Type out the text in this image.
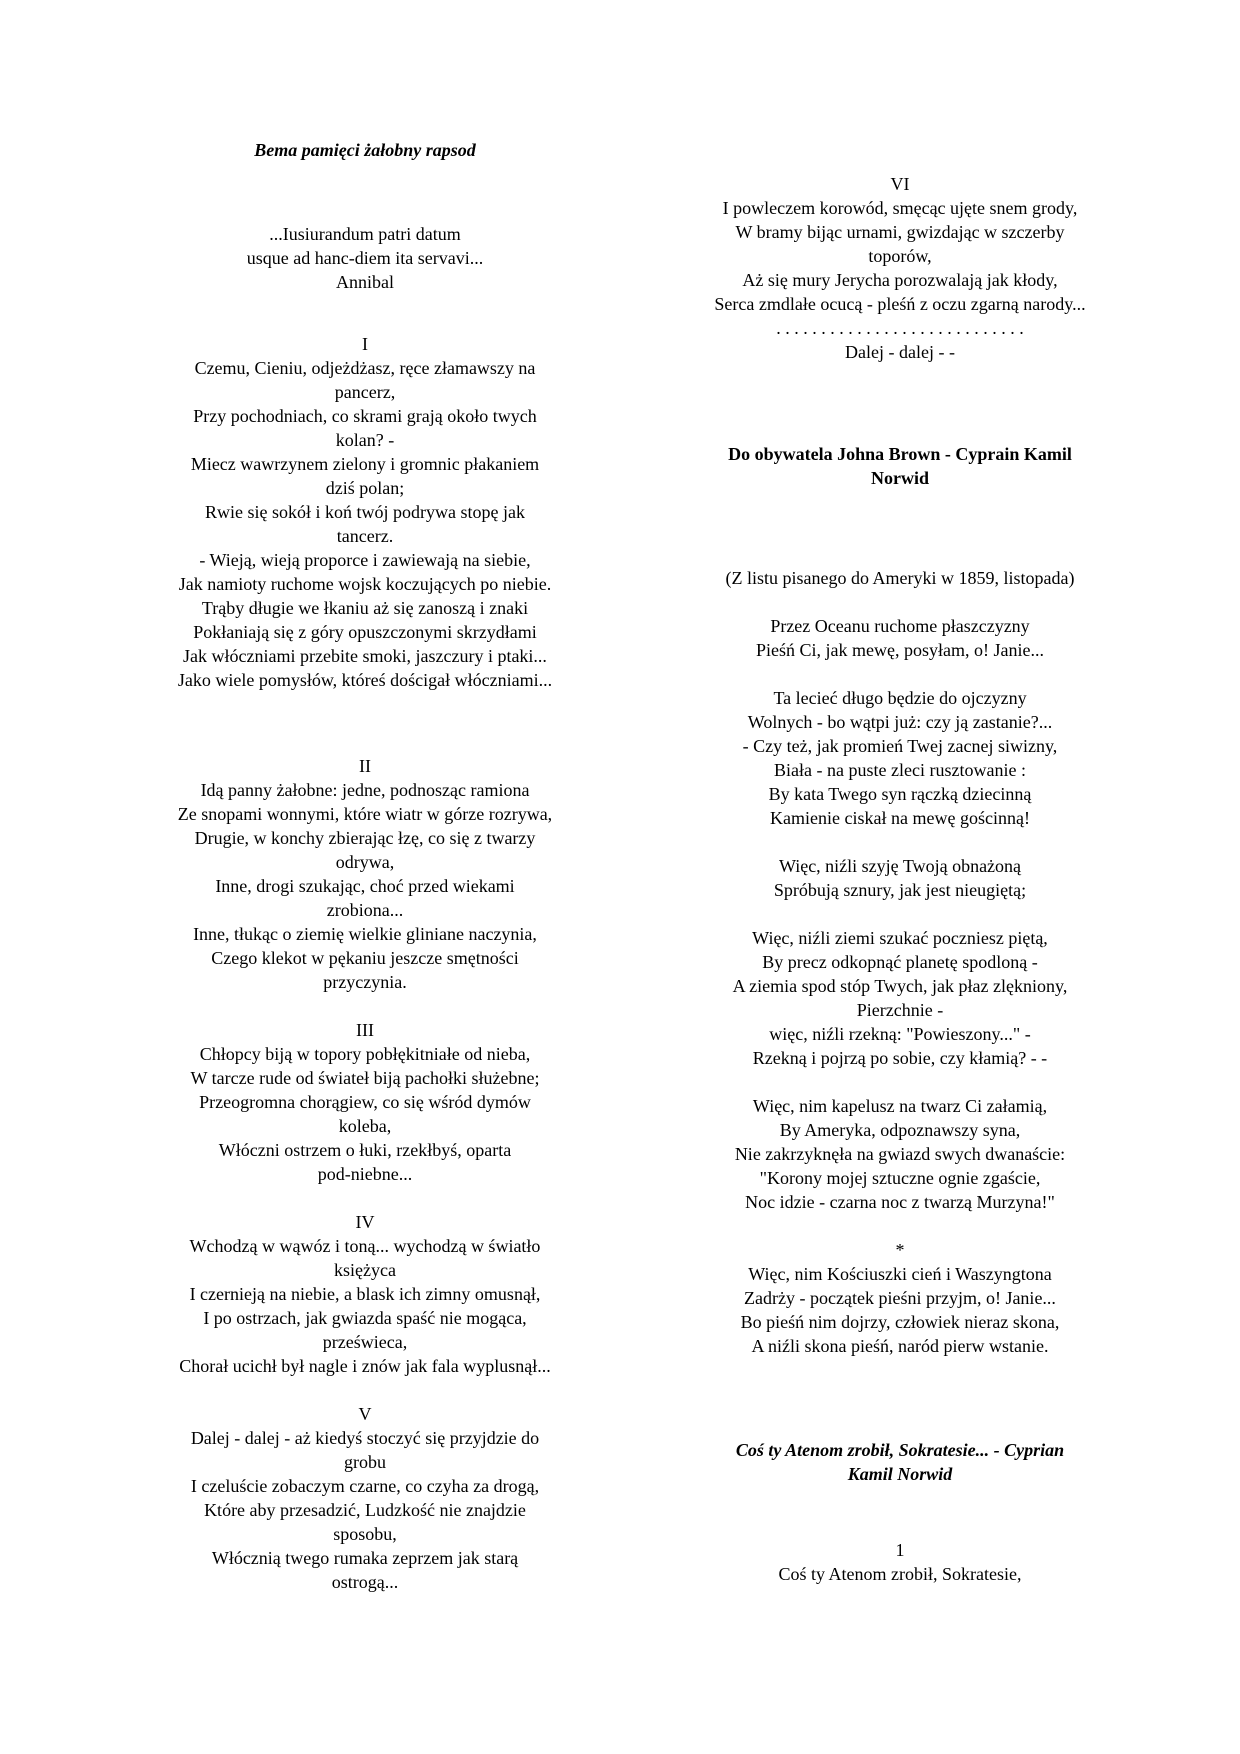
Bema pamięci żałobny rapsod
...Iusiurandum patri datum
usque ad hanc-diem ita servavi...
Annibal
I
Czemu, Cieniu, odjeżdżasz, ręce złamawszy na
pancerz,
Przy pochodniach, co skrami grają około twych
kolan? -
Miecz wawrzynem zielony i gromnic płakaniem
dziś polan;
Rwie się sokół i koń twój podrywa stopę jak
tancerz.
- Wieją, wieją proporce i zawiewają na siebie,
Jak namioty ruchome wojsk koczujących po niebie.
Trąby długie we łkaniu aż się zanoszą i znaki
Pokłaniają się z góry opuszczonymi skrzydłami
Jak włóczniami przebite smoki, jaszczury i ptaki...
Jako wiele pomysłów, któreś dościgał włóczniami...
II
Idą panny żałobne: jedne, podnosząc ramiona
Ze snopami wonnymi, które wiatr w górze rozrywa,
Drugie, w konchy zbierając łzę, co się z twarzy
odrywa,
Inne, drogi szukając, choć przed wiekami
zrobiona...
Inne, tłukąc o ziemię wielkie gliniane naczynia,
Czego klekot w pękaniu jeszcze smętności
przyczynia.
III
Chłopcy biją w topory pobłękitniałe od nieba,
W tarcze rude od świateł biją pachołki służebne;
Przeogromna chorągiew, co się wśród dymów
koleba,
Włóczni ostrzem o łuki, rzekłbyś, oparta
pod-niebne...
IV
Wchodzą w wąwóz i toną... wychodzą w światło
księżyca
I czernieją na niebie, a blask ich zimny omusnął,
I po ostrzach, jak gwiazda spaść nie mogąca,
prześwieca,
Chorał ucichł był nagle i znów jak fala wyplusnął...
V
Dalej - dalej - aż kiedyś stoczyć się przyjdzie do
grobu
I czeluście zobaczym czarne, co czyha za drogą,
Które aby przesadzić, Ludzkość nie znajdzie
sposobu,
Włócznią twego rumaka zeprzem jak starą
ostrogą...
VI
I powleczem korowód, smęcąc ujęte snem grody,
W bramy bijąc urnami, gwizdając w szczerby
toporów,
Aż się mury Jerycha porozwalają jak kłody,
Serca zmdlałe ocucą - pleśń z oczu zgarną narody...
. . . . . . . . . . . . . . . . . . . . . . . . . . . .
Dalej - dalej - -
Do obywatela Johna Brown - Cyprain Kamil
Norwid
(Z listu pisanego do Ameryki w 1859, listopada)
Przez Oceanu ruchome płaszczyzny
Pieśń Ci, jak mewę, posyłam, o! Janie...
Ta lecieć długo będzie do ojczyzny
Wolnych - bo wątpi już: czy ją zastanie?...
- Czy też, jak promień Twej zacnej siwizny,
Biała - na puste zleci rusztowanie :
By kata Twego syn rączką dziecinną
Kamienie ciskał na mewę gościnną!
Więc, niźli szyję Twoją obnażoną
Spróbują sznury, jak jest nieugiętą;
Więc, niźli ziemi szukać poczniesz piętą,
By precz odkopnąć planetę spodloną -
A ziemia spod stóp Twych, jak płaz zlękniony,
Pierzchnie -
więc, niźli rzekną: "Powieszony..." -
Rzekną i pojrzą po sobie, czy kłamią? - -
Więc, nim kapelusz na twarz Ci załamią,
By Ameryka, odpoznawszy syna,
Nie zakrzyknęła na gwiazd swych dwanaście:
"Korony mojej sztuczne ognie zgaście,
Noc idzie - czarna noc z twarzą Murzyna!"
*
Więc, nim Kościuszki cień i Waszyngtona
Zadrży - początek pieśni przyjm, o! Janie...
Bo pieśń nim dojrzy, człowiek nieraz skona,
A niźli skona pieśń, naród pierw wstanie.
Coś ty Atenom zrobił, Sokratesie... - Cyprian
Kamil Norwid
1
Coś ty Atenom zrobił, Sokratesie,
